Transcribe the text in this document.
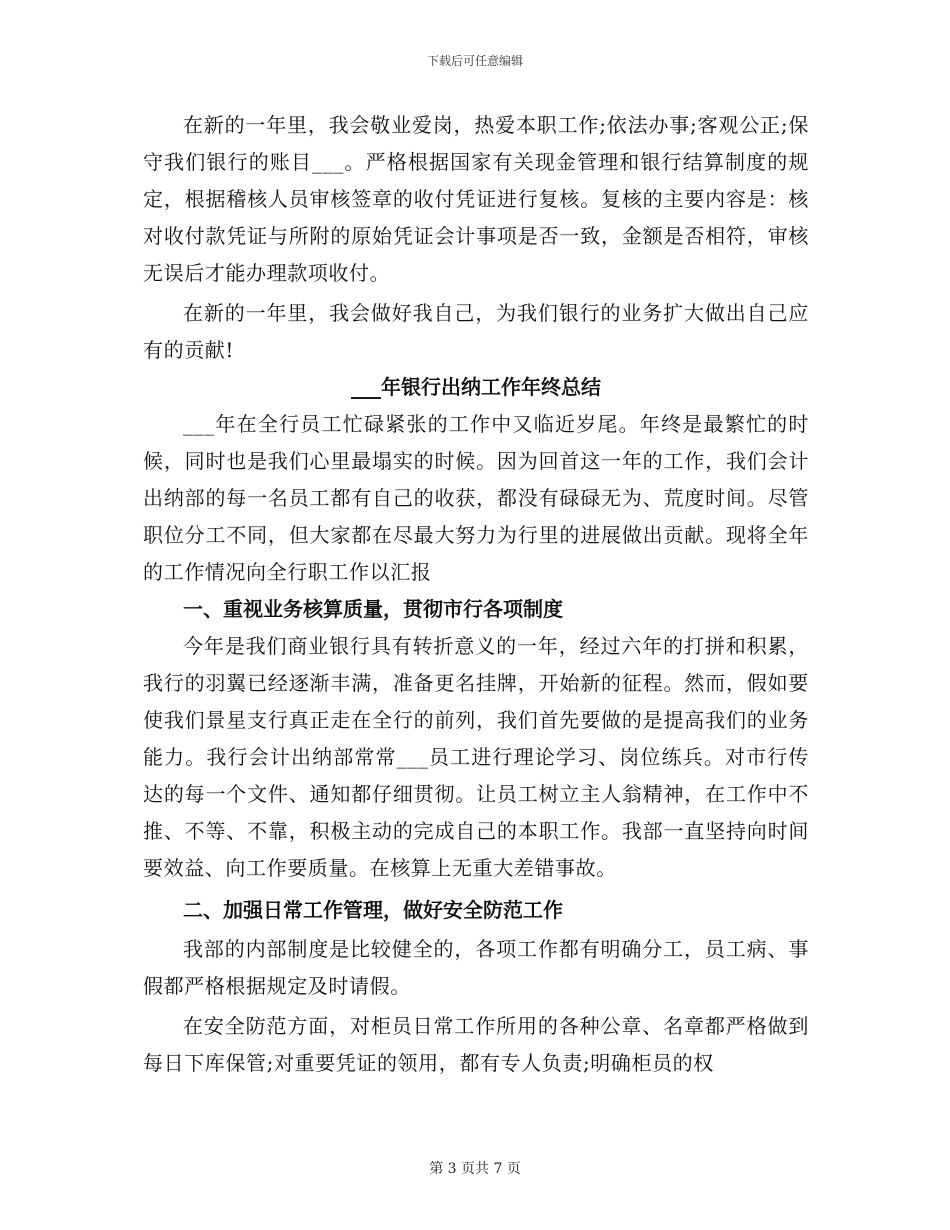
下载后可任意编辑

在新的一年里，我会敬业爱岗，热爱本职工作;依法办事;客观公正;保守我们银行的账目___。严格根据国家有关现金管理和银行结算制度的规定，根据稽核人员审核签章的收付凭证进行复核。复核的主要内容是：核对收付款凭证与所附的原始凭证会计事项是否一致，金额是否相符，审核无误后才能办理款项收付。

在新的一年里，我会做好我自己，为我们银行的业务扩大做出自己应有的贡献!

___年银行出纳工作年终总结

___年在全行员工忙碌紧张的工作中又临近岁尾。年终是最繁忙的时候，同时也是我们心里最塌实的时候。因为回首这一年的工作，我们会计出纳部的每一名员工都有自己的收获，都没有碌碌无为、荒度时间。尽管职位分工不同，但大家都在尽最大努力为行里的进展做出贡献。现将全年的工作情况向全行职工作以汇报

一、重视业务核算质量，贯彻市行各项制度

今年是我们商业银行具有转折意义的一年，经过六年的打拼和积累，我行的羽翼已经逐渐丰满，准备更名挂牌，开始新的征程。然而，假如要使我们景星支行真正走在全行的前列，我们首先要做的是提高我们的业务能力。我行会计出纳部常常___员工进行理论学习、岗位练兵。对市行传达的每一个文件、通知都仔细贯彻。让员工树立主人翁精神，在工作中不推、不等、不靠，积极主动的完成自己的本职工作。我部一直坚持向时间要效益、向工作要质量。在核算上无重大差错事故。

二、加强日常工作管理，做好安全防范工作

我部的内部制度是比较健全的，各项工作都有明确分工，员工病、事假都严格根据规定及时请假。

在安全防范方面，对柜员日常工作所用的各种公章、名章都严格做到每日下库保管;对重要凭证的领用，都有专人负责;明确柜员的权

第 3 页共 7 页
